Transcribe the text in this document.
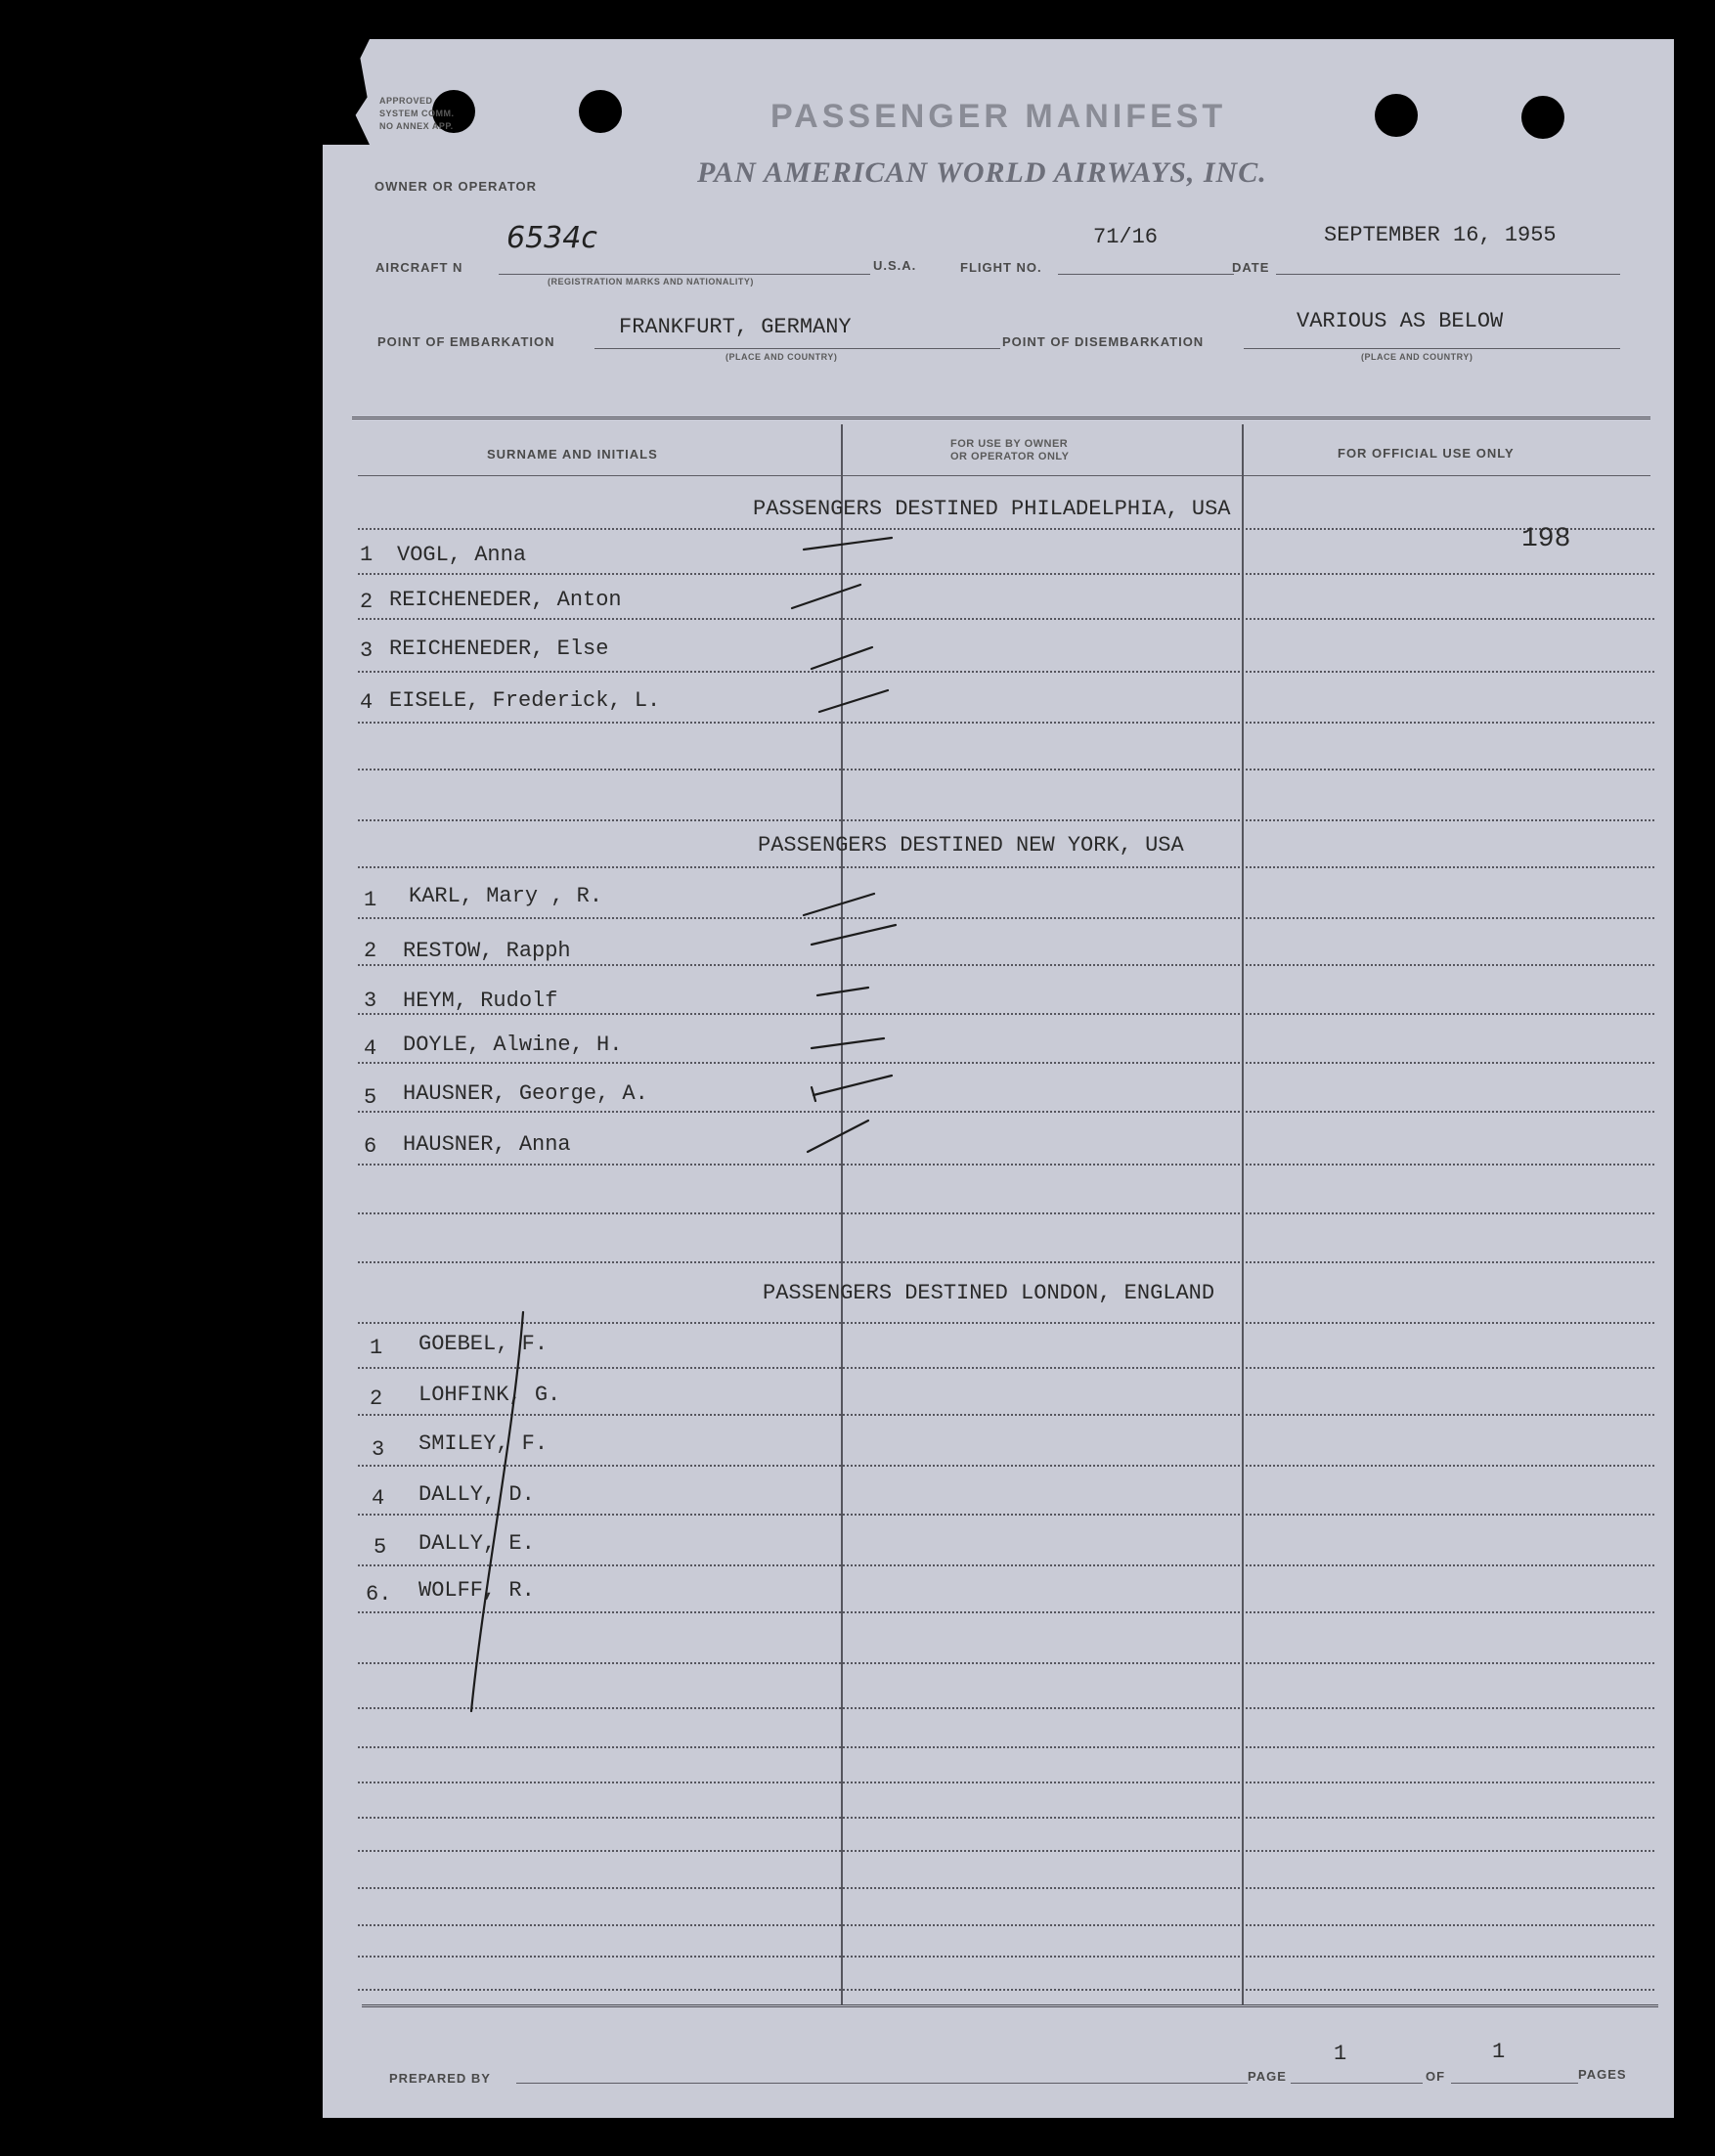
APPROVED
SYSTEM COMM.
NO ANNEX APP.	PASSENGER MANIFEST
OWNER OR OPERATOR	PAN AMERICAN WORLD AIRWAYS, INC.
AIRCRAFT N
6534c
(REGISTRATION MARKS AND NATIONALITY)
U.S.A.	FLIGHT NO.
71/16
DATE
SEPTEMBER 16, 1955
POINT OF EMBARKATION
FRANKFURT, GERMANY
(PLACE AND COUNTRY)
POINT OF DISEMBARKATION
VARIOUS AS BELOW
(PLACE AND COUNTRY)
SURNAME AND INITIALS
FOR USE BY OWNER
OR OPERATOR ONLY	FOR OFFICIAL USE ONLY
PASSENGERS DESTINED PHILADELPHIA, USA
198
1 VOGL, Anna
2 REICHENEDER, Anton
3 REICHENEDER, Else
4 EISELE, Frederick, L.
PASSENGERS DESTINED NEW YORK, USA
1 KARL, Mary , R.
2 RESTOW, Rapph
3 HEYM, Rudolf
4 DOYLE, Alwine, H.
5 HAUSNER, George, A.
6 HAUSNER, Anna
PASSENGERS DESTINED LONDON, ENGLAND
1 GOEBEL, F.
2 LOHFINK, G.
3 SMILEY, F.
4 DALLY, D.
5 DALLY, E.
6. WOLFF, R.
PREPARED BY	PAGE
1
OF
1
PAGES
